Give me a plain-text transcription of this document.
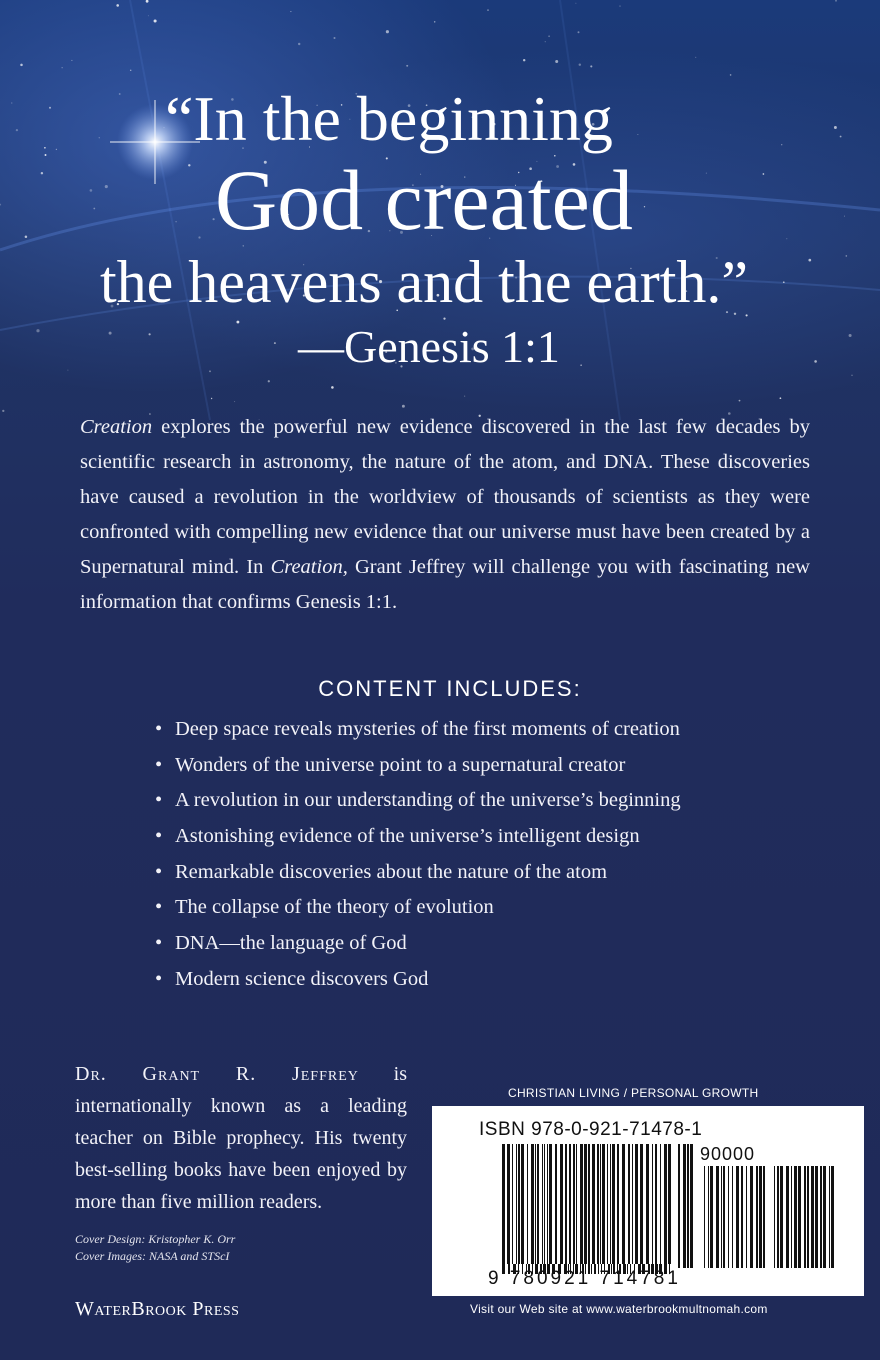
“In the beginning
God created
the heavens and the earth.”
—Genesis 1:1

Creation explores the powerful new evidence discovered in the last few decades by scientific research in astronomy, the nature of the atom, and DNA. These discoveries have caused a revolution in the worldview of thousands of scientists as they were confronted with compelling new evidence that our universe must have been created by a Supernatural mind. In Creation, Grant Jeffrey will challenge you with fascinating new information that confirms Genesis 1:1.

CONTENT INCLUDES:
• Deep space reveals mysteries of the first moments of creation
• Wonders of the universe point to a supernatural creator
• A revolution in our understanding of the universe’s beginning
• Astonishing evidence of the universe’s intelligent design
• Remarkable discoveries about the nature of the atom
• The collapse of the theory of evolution
• DNA—the language of God
• Modern science discovers God

Dr. Grant R. Jeffrey is internationally known as a leading teacher on Bible prophecy. His twenty best-selling books have been enjoyed by more than five million readers.

Cover Design: Kristopher K. Orr

Cover Images: NASA and STScI

WaterBrook Press

CHRISTIAN LIVING / PERSONAL GROWTH
ISBN 978-0-921-71478-1
90000
9 780921 714781
Visit our Web site at www.waterbrookmultnomah.com
